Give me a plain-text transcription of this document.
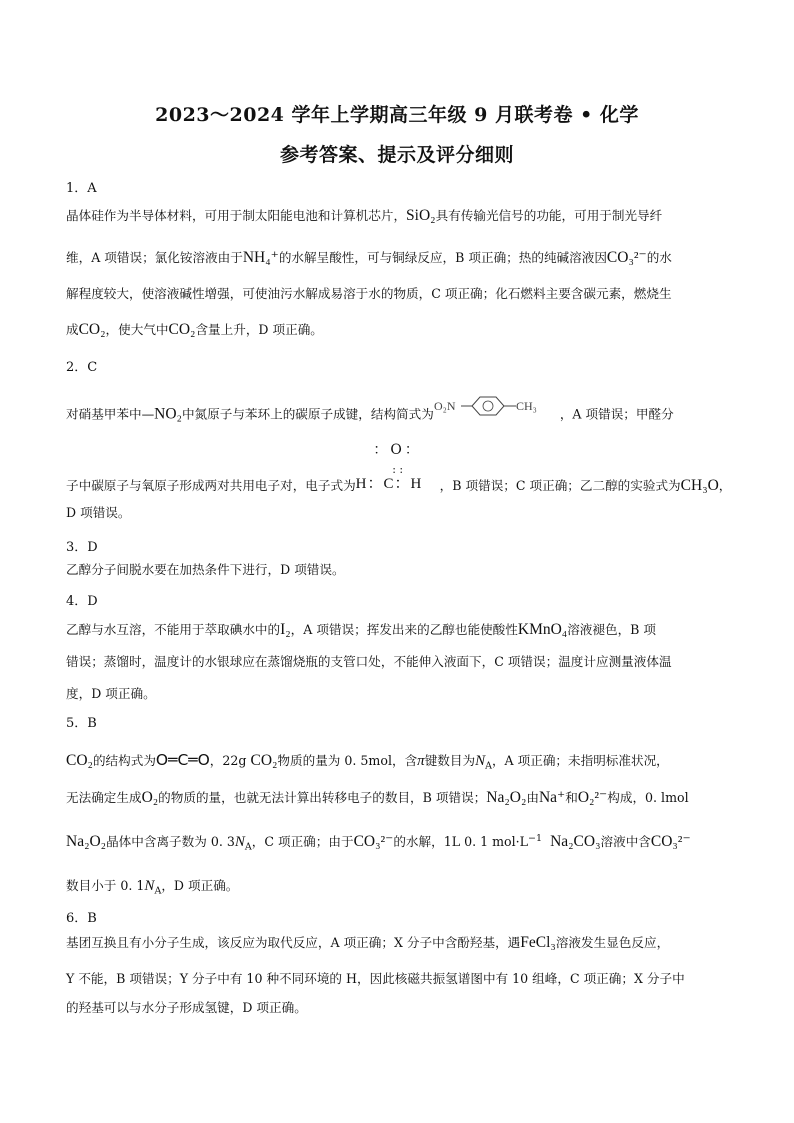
2023～2024 学年上学期高三年级 9 月联考卷 • 化学
参考答案、提示及评分细则
1．A
晶体硅作为半导体材料，可用于制太阳能电池和计算机芯片，SiO₂具有传输光信号的功能，可用于制光导纤
维，A 项错误；氯化铵溶液由于NH₄⁺的水解呈酸性，可与铜绿反应，B 项正确；热的纯碱溶液因CO₃²⁻的水
解程度较大，使溶液碱性增强，可使油污水解成易溶于水的物质，C 项正确；化石燃料主要含碳元素，燃烧生
成CO₂，使大气中CO₂含量上升，D 项正确。
2．C
对硝基甲苯中—NO₂中氮原子与苯环上的碳原子成键，结构简式为
O₂N	CH₃
，A 项错误；甲醛分
子中碳原子与氧原子形成两对共用电子对，电子式为
：O：
: :
H：C：H	，B 项错误；C 项正确；乙二醇的实验式为CH₃O，
D 项错误。
3．D
乙醇分子间脱水要在加热条件下进行，D 项错误。
4．D
乙醇与水互溶，不能用于萃取碘水中的I₂，A 项错误；挥发出来的乙醇也能使酸性KMnO₄溶液褪色，B 项
错误；蒸馏时，温度计的水银球应在蒸馏烧瓶的支管口处，不能伸入液面下，C 项错误；温度计应测量液体温
度，D 项正确。
5．B
CO₂的结构式为O═C═O，22g CO₂物质的量为 0. 5mol，含π键数目为$N_A$，A 项正确；未指明标准状况，
无法确定生成O₂的物质的量，也就无法计算出转移电子的数目，B 项错误；Na₂O₂由Na⁺和O₂²⁻构成，0. lmol
Na₂O₂晶体中含离子数为 0. $3N_A$，C 项正确；由于CO₃²⁻的水解，1L 0. 1 $mol\cdot L^{-1}$ Na₂CO₃溶液中含CO₃²⁻
数目小于 0. $1N_A$，D 项正确。
6．B
基团互换且有小分子生成，该反应为取代反应，A 项正确；X 分子中含酚羟基，遇FeCl₃溶液发生显色反应，
Y 不能，B 项错误；Y 分子中有 10 种不同环境的 H，因此核磁共振氢谱图中有 10 组峰，C 项正确；X 分子中
的羟基可以与水分子形成氢键，D 项正确。
